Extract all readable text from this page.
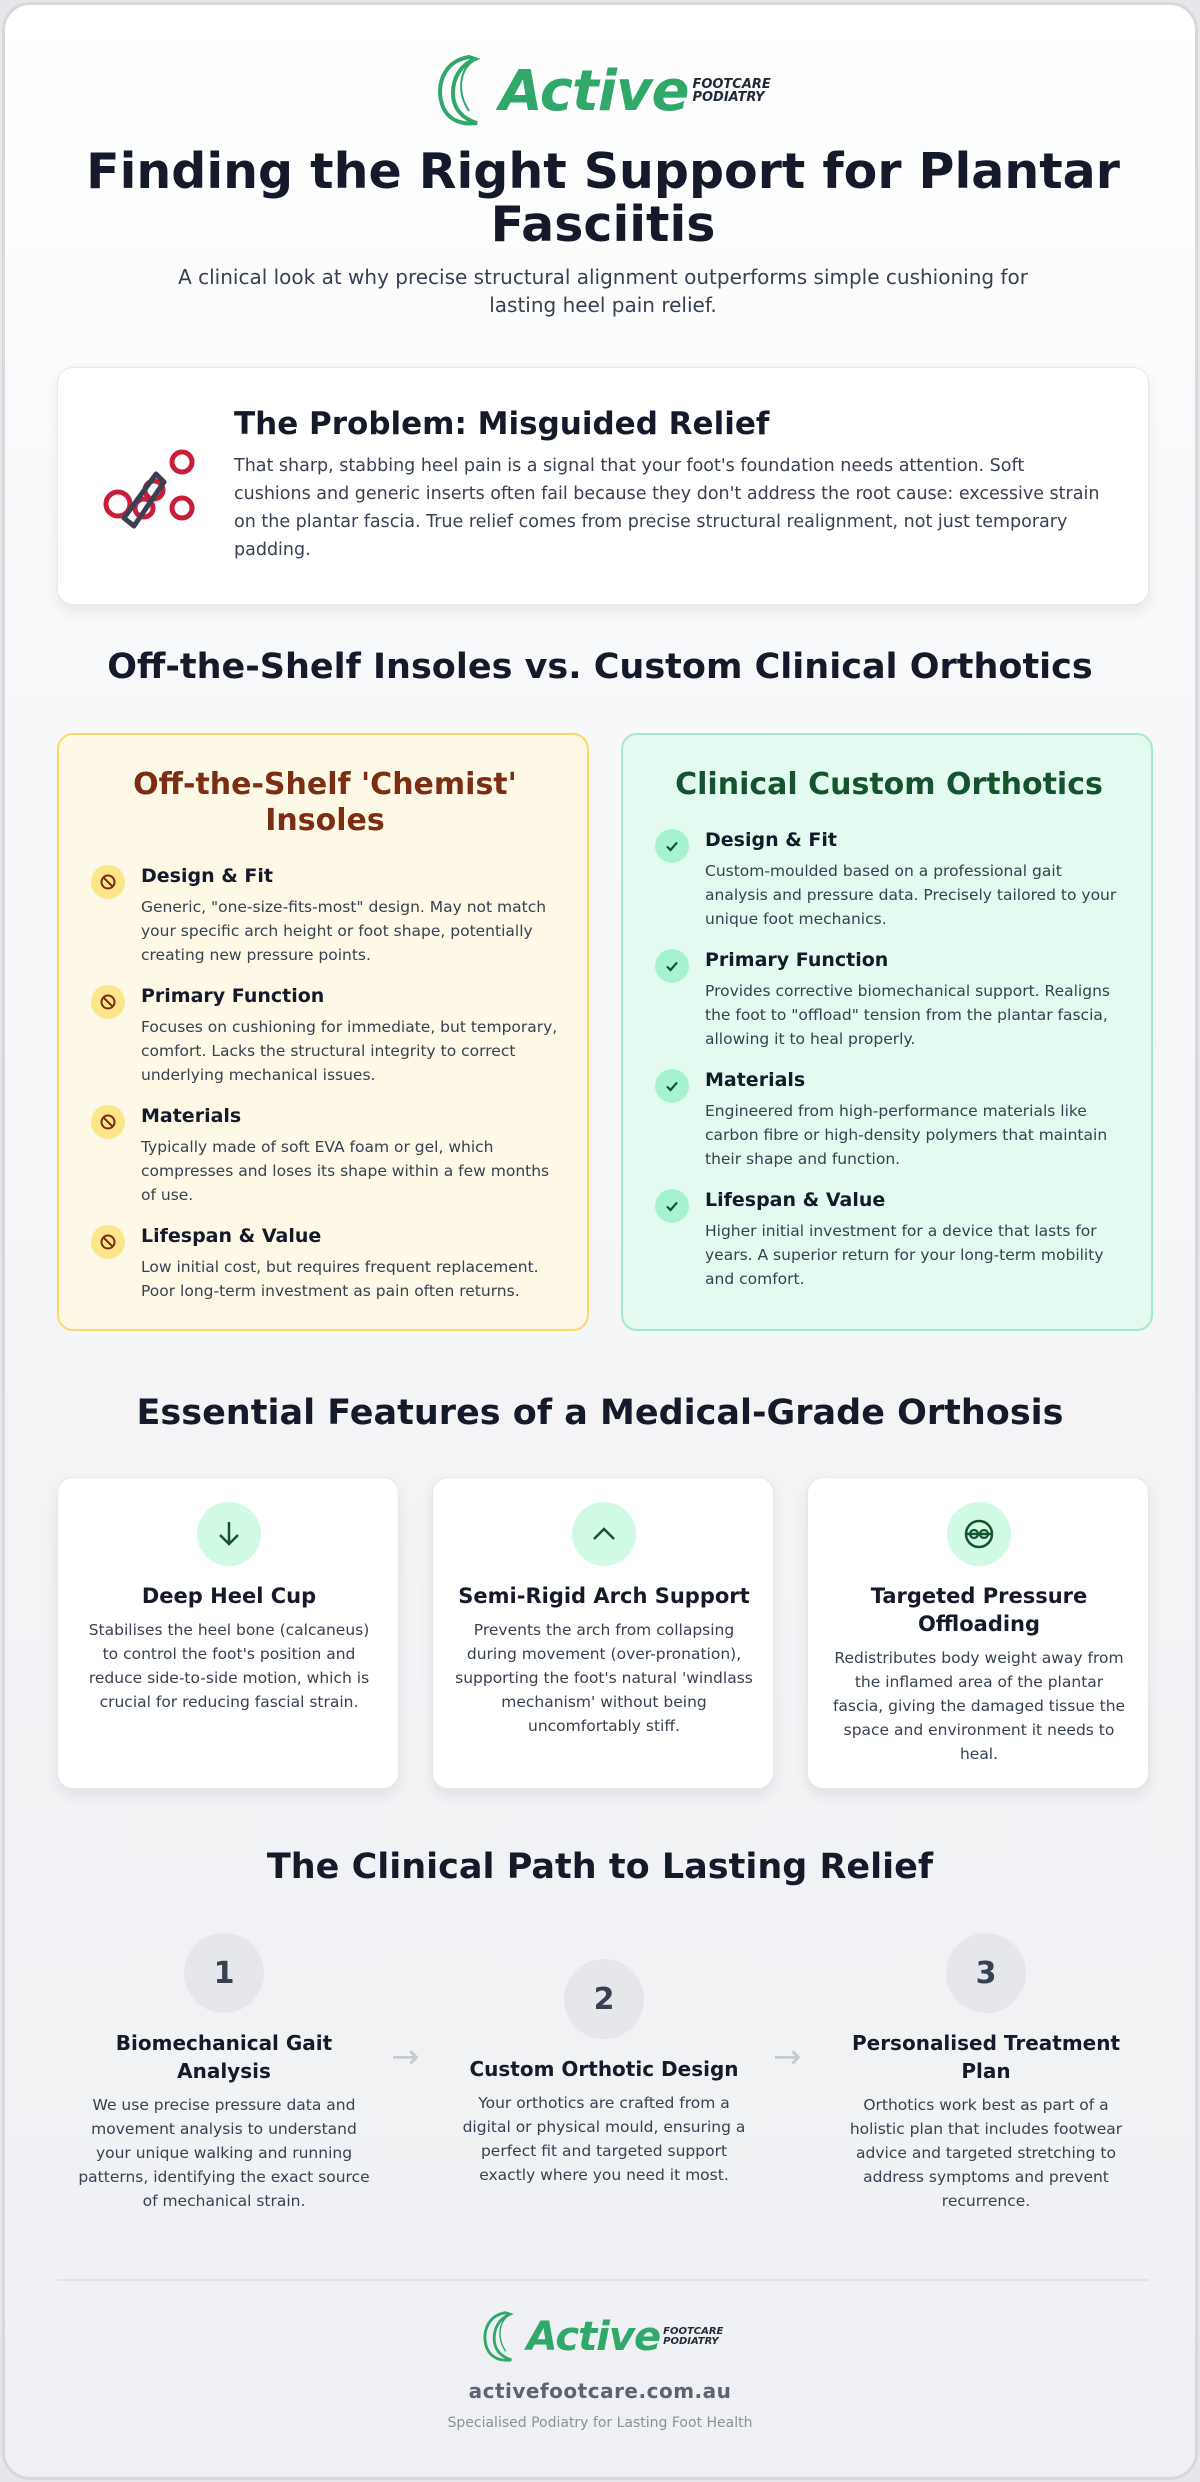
Active FOOTCARE
PODIATRY
Finding the Right Support for Plantar Fasciitis

A clinical look at why precise structural alignment outperforms simple cushioning for lasting heel pain relief.

The Problem: Misguided Relief

That sharp, stabbing heel pain is a signal that your foot's foundation needs attention. Soft cushions and generic inserts often fail because they don't address the root cause: excessive strain on the plantar fascia. True relief comes from precise structural realignment, not just temporary padding.

Off-the-Shelf Insoles vs. Custom Clinical Orthotics
Off-the-Shelf 'Chemist' Insoles
Design & Fit
Generic, "one-size-fits-most" design. May not match your specific arch height or foot shape, potentially creating new pressure points.
Primary Function
Focuses on cushioning for immediate, but temporary, comfort. Lacks the structural integrity to correct underlying mechanical issues.
Materials
Typically made of soft EVA foam or gel, which compresses and loses its shape within a few months of use.
Lifespan & Value
Low initial cost, but requires frequent replacement. Poor long-term investment as pain often returns.
Clinical Custom Orthotics
Design & Fit
Custom-moulded based on a professional gait analysis and pressure data. Precisely tailored to your unique foot mechanics.
Primary Function
Provides corrective biomechanical support. Realigns the foot to "offload" tension from the plantar fascia, allowing it to heal properly.
Materials
Engineered from high-performance materials like carbon fibre or high-density polymers that maintain their shape and function.
Lifespan & Value
Higher initial investment for a device that lasts for years. A superior return for your long-term mobility and comfort.
Essential Features of a Medical-Grade Orthosis
Deep Heel Cup
Stabilises the heel bone (calcaneus) to control the foot's position and reduce side-to-side motion, which is crucial for reducing fascial strain.
Semi-Rigid Arch Support
Prevents the arch from collapsing during movement (over-pronation), supporting the foot's natural 'windlass mechanism' without being uncomfortably stiff.
Targeted Pressure Offloading
Redistributes body weight away from the inflamed area of the plantar fascia, giving the damaged tissue the space and environment it needs to heal.
The Clinical Path to Lasting Relief
1
Biomechanical Gait Analysis
We use precise pressure data and movement analysis to understand your unique walking and running patterns, identifying the exact source of mechanical strain.
→
2
Custom Orthotic Design
Your orthotics are crafted from a digital or physical mould, ensuring a perfect fit and targeted support exactly where you need it most.
→
3
Personalised Treatment Plan
Orthotics work best as part of a holistic plan that includes footwear advice and targeted stretching to address symptoms and prevent recurrence.
Active FOOTCARE
PODIATRY
activefootcare.com.au
Specialised Podiatry for Lasting Foot Health
